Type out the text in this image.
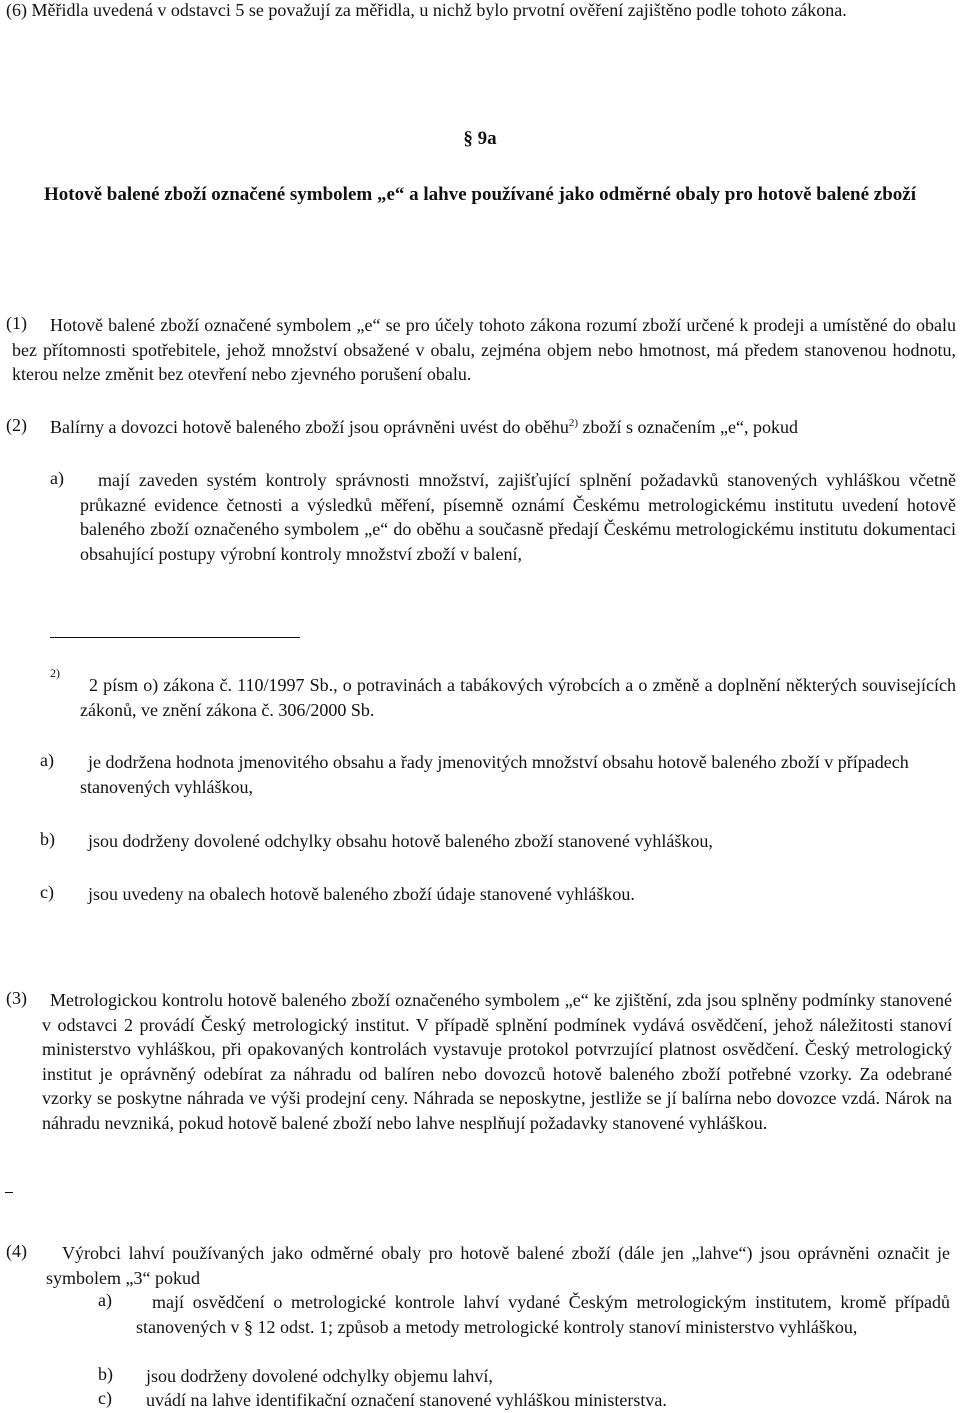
(6) Měřidla uvedená v odstavci 5 se považují za měřidla, u nichž bylo prvotní ověření zajištěno podle tohoto zákona.
§ 9a
Hotově balené zboží označené symbolem „e“ a lahve používané jako odměrné obaly pro hotově balené zboží
(1)	Hotově balené zboží označené symbolem „e“ se pro účely tohoto zákona rozumí zboží určené k prodeji a umístěné do obalu bez přítomnosti spotřebitele, jehož množství obsažené v obalu, zejména objem nebo hmotnost, má předem stanovenou hodnotu, kterou nelze změnit bez otevření nebo zjevného porušení obalu.
(2) Balírny a dovozci hotově baleného zboží jsou oprávněni uvést do oběhu$^{2)}$ zboží s označením „e“, pokud
a)	mají zaveden systém kontroly správnosti množství, zajišťující splnění požadavků stanovených vyhláškou včetně průkazné evidence četnosti a výsledků měření, písemně oznámí Českému metrologickému institutu uvedení hotově baleného zboží označeného symbolem „e“ do oběhu a současně předají Českému metrologickému institutu dokumentaci obsahující postupy výrobní kontroly množství zboží v balení,
2)
2 písm o) zákona č. 110/1997 Sb., o potravinách a tabákových výrobcích a o změně a doplnění některých souvisejících zákonů, ve znění zákona č. 306/2000 Sb.
a)	je dodržena hodnota jmenovitého obsahu a řady jmenovitých množství obsahu hotově baleného zboží v případech stanovených vyhláškou,
b) jsou dodrženy dovolené odchylky obsahu hotově baleného zboží stanovené vyhláškou,
c) jsou uvedeny na obalech hotově baleného zboží údaje stanovené vyhláškou.
(3)	Metrologickou kontrolu hotově baleného zboží označeného symbolem „e“ ke zjištění, zda jsou splněny podmínky stanovené v odstavci 2 provádí Český metrologický institut. V případě splnění podmínek vydává osvědčení, jehož náležitosti stanoví ministerstvo vyhláškou, při opakovaných kontrolách vystavuje protokol potvrzující platnost osvědčení. Český metrologický institut je oprávněný odebírat za náhradu od balíren nebo dovozců hotově baleného zboží potřebné vzorky. Za odebrané vzorky se poskytne náhrada ve výši prodejní ceny. Náhrada se neposkytne, jestliže se jí balírna nebo dovozce vzdá. Nárok na náhradu nevzniká, pokud hotově balené zboží nebo lahve nesplňují požadavky stanovené vyhláškou.
(4)	Výrobci lahví používaných jako odměrné obaly pro hotově balené zboží (dále jen „lahve“) jsou oprávněni označit je symbolem „3“ pokud
a)	mají osvědčení o metrologické kontrole lahví vydané Českým metrologickým institutem, kromě případů stanovených v § 12 odst. 1; způsob a metody metrologické kontroly stanoví ministerstvo vyhláškou,
b) jsou dodrženy dovolené odchylky objemu lahví,
c) uvádí na lahve identifikační označení stanovené vyhláškou ministerstva.
